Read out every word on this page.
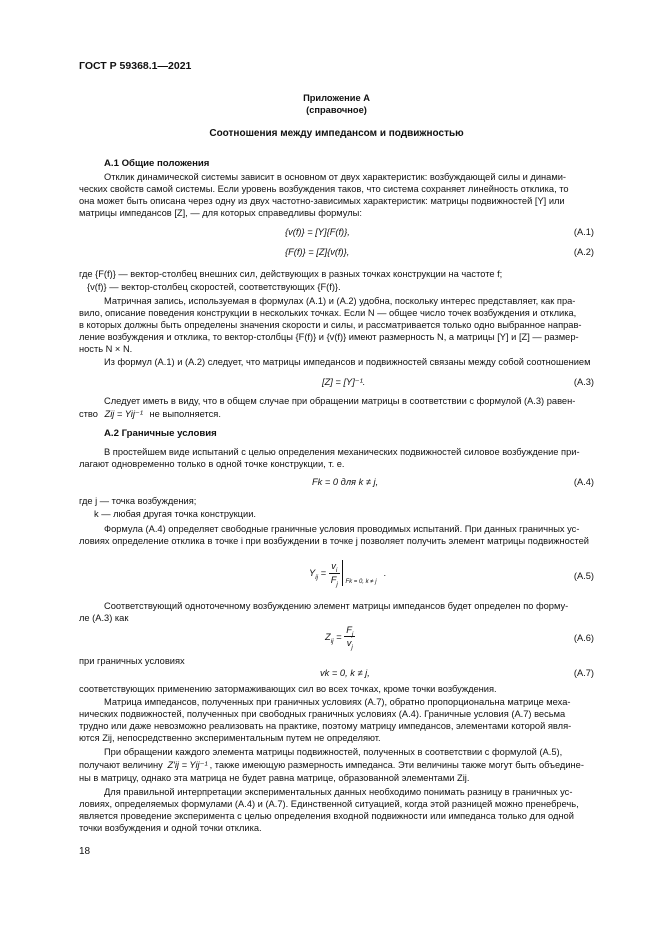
ГОСТ Р 59368.1—2021
Приложение А
(справочное)
Соотношения между импедансом и подвижностью
А.1 Общие положения
Отклик динамической системы зависит в основном от двух характеристик: возбуждающей силы и динами-
ческих свойств самой системы. Если уровень возбуждения таков, что система сохраняет линейность отклика, то
она может быть описана через одну из двух частотно-зависимых характеристик: матрицы подвижностей [Y] или
матрицы импедансов [Z], — для которых справедливы формулы:
{v(f)} = [Y]{F(f)},	(А.1)
{F(f)} = [Z]{v(f)},	(А.2)
где {F(f)} — вектор-столбец внешних сил, действующих в разных точках конструкции на частоте f;
{v(f)} — вектор-столбец скоростей, соответствующих {F(f)}.
Матричная запись, используемая в формулах (А.1) и (А.2) удобна, поскольку интерес представляет, как пра-
вило, описание поведения конструкции в нескольких точках. Если N — общее число точек возбуждения и отклика,
в которых должны быть определены значения скорости и силы, и рассматривается только одно выбранное направ-
ление возбуждения и отклика, то вектор-столбцы {F(f)} и {v(f)} имеют размерность N, а матрицы [Y] и [Z] — размер-
ность N × N.
Из формул (А.1) и (А.2) следует, что матрицы импедансов и подвижностей связаны между собой соотношением
[Z] = [Y]⁻¹.	(А.3)
Следует иметь в виду, что в общем случае при обращении матрицы в соответствии с формулой (А.3) равен-
ство Zij = Yij⁻¹ не выполняется.
А.2 Граничные условия
В простейшем виде испытаний с целью определения механических подвижностей силовое возбуждение при-
лагают одновременно только в одной точке конструкции, т. е.
Fk = 0 для k ≠ j,	(А.4)
где j — точка возбуждения;
k — любая другая точка конструкции.
Формула (А.4) определяет свободные граничные условия проводимых испытаний. При данных граничных ус-
ловиях определение отклика в точке i при возбуждении в точке j позволяет получить элемент матрицы подвижностей
$Y_{ij} = \frac{v_i}{F_j}$
Fk = 0, k ≠ j
.	(А.5)
Соответствующий одноточечному возбуждению элемент матрицы импедансов будет определен по форму-
ле (А.3) как
$Z_{ij} = \frac{F_j}{v_j}$	(А.6)
при граничных условиях
vk = 0, k ≠ j,	(А.7)
соответствующих применению затормаживающих сил во всех точках, кроме точки возбуждения.
Матрица импедансов, полученных при граничных условиях (А.7), обратно пропорциональна матрице меха-
нических подвижностей, полученных при свободных граничных условиях (А.4). Граничные условия (А.7) весьма
трудно или даже невозможно реализовать на практике, поэтому матрицу импедансов, элементами которой явля-
ются Zij, непосредственно экспериментальным путем не определяют.
При обращении каждого элемента матрицы подвижностей, полученных в соответствии с формулой (А.5),
получают величину Z′ij = Yij⁻¹ , также имеющую размерность импеданса. Эти величины также могут быть объедине-
ны в матрицу, однако эта матрица не будет равна матрице, образованной элементами Zij.
Для правильной интерпретации экспериментальных данных необходимо понимать разницу в граничных ус-
ловиях, определяемых формулами (А.4) и (А.7). Единственной ситуацией, когда этой разницей можно пренебречь,
является проведение эксперимента с целью определения входной подвижности или импеданса только для одной
точки возбуждения и одной точки отклика.
18
